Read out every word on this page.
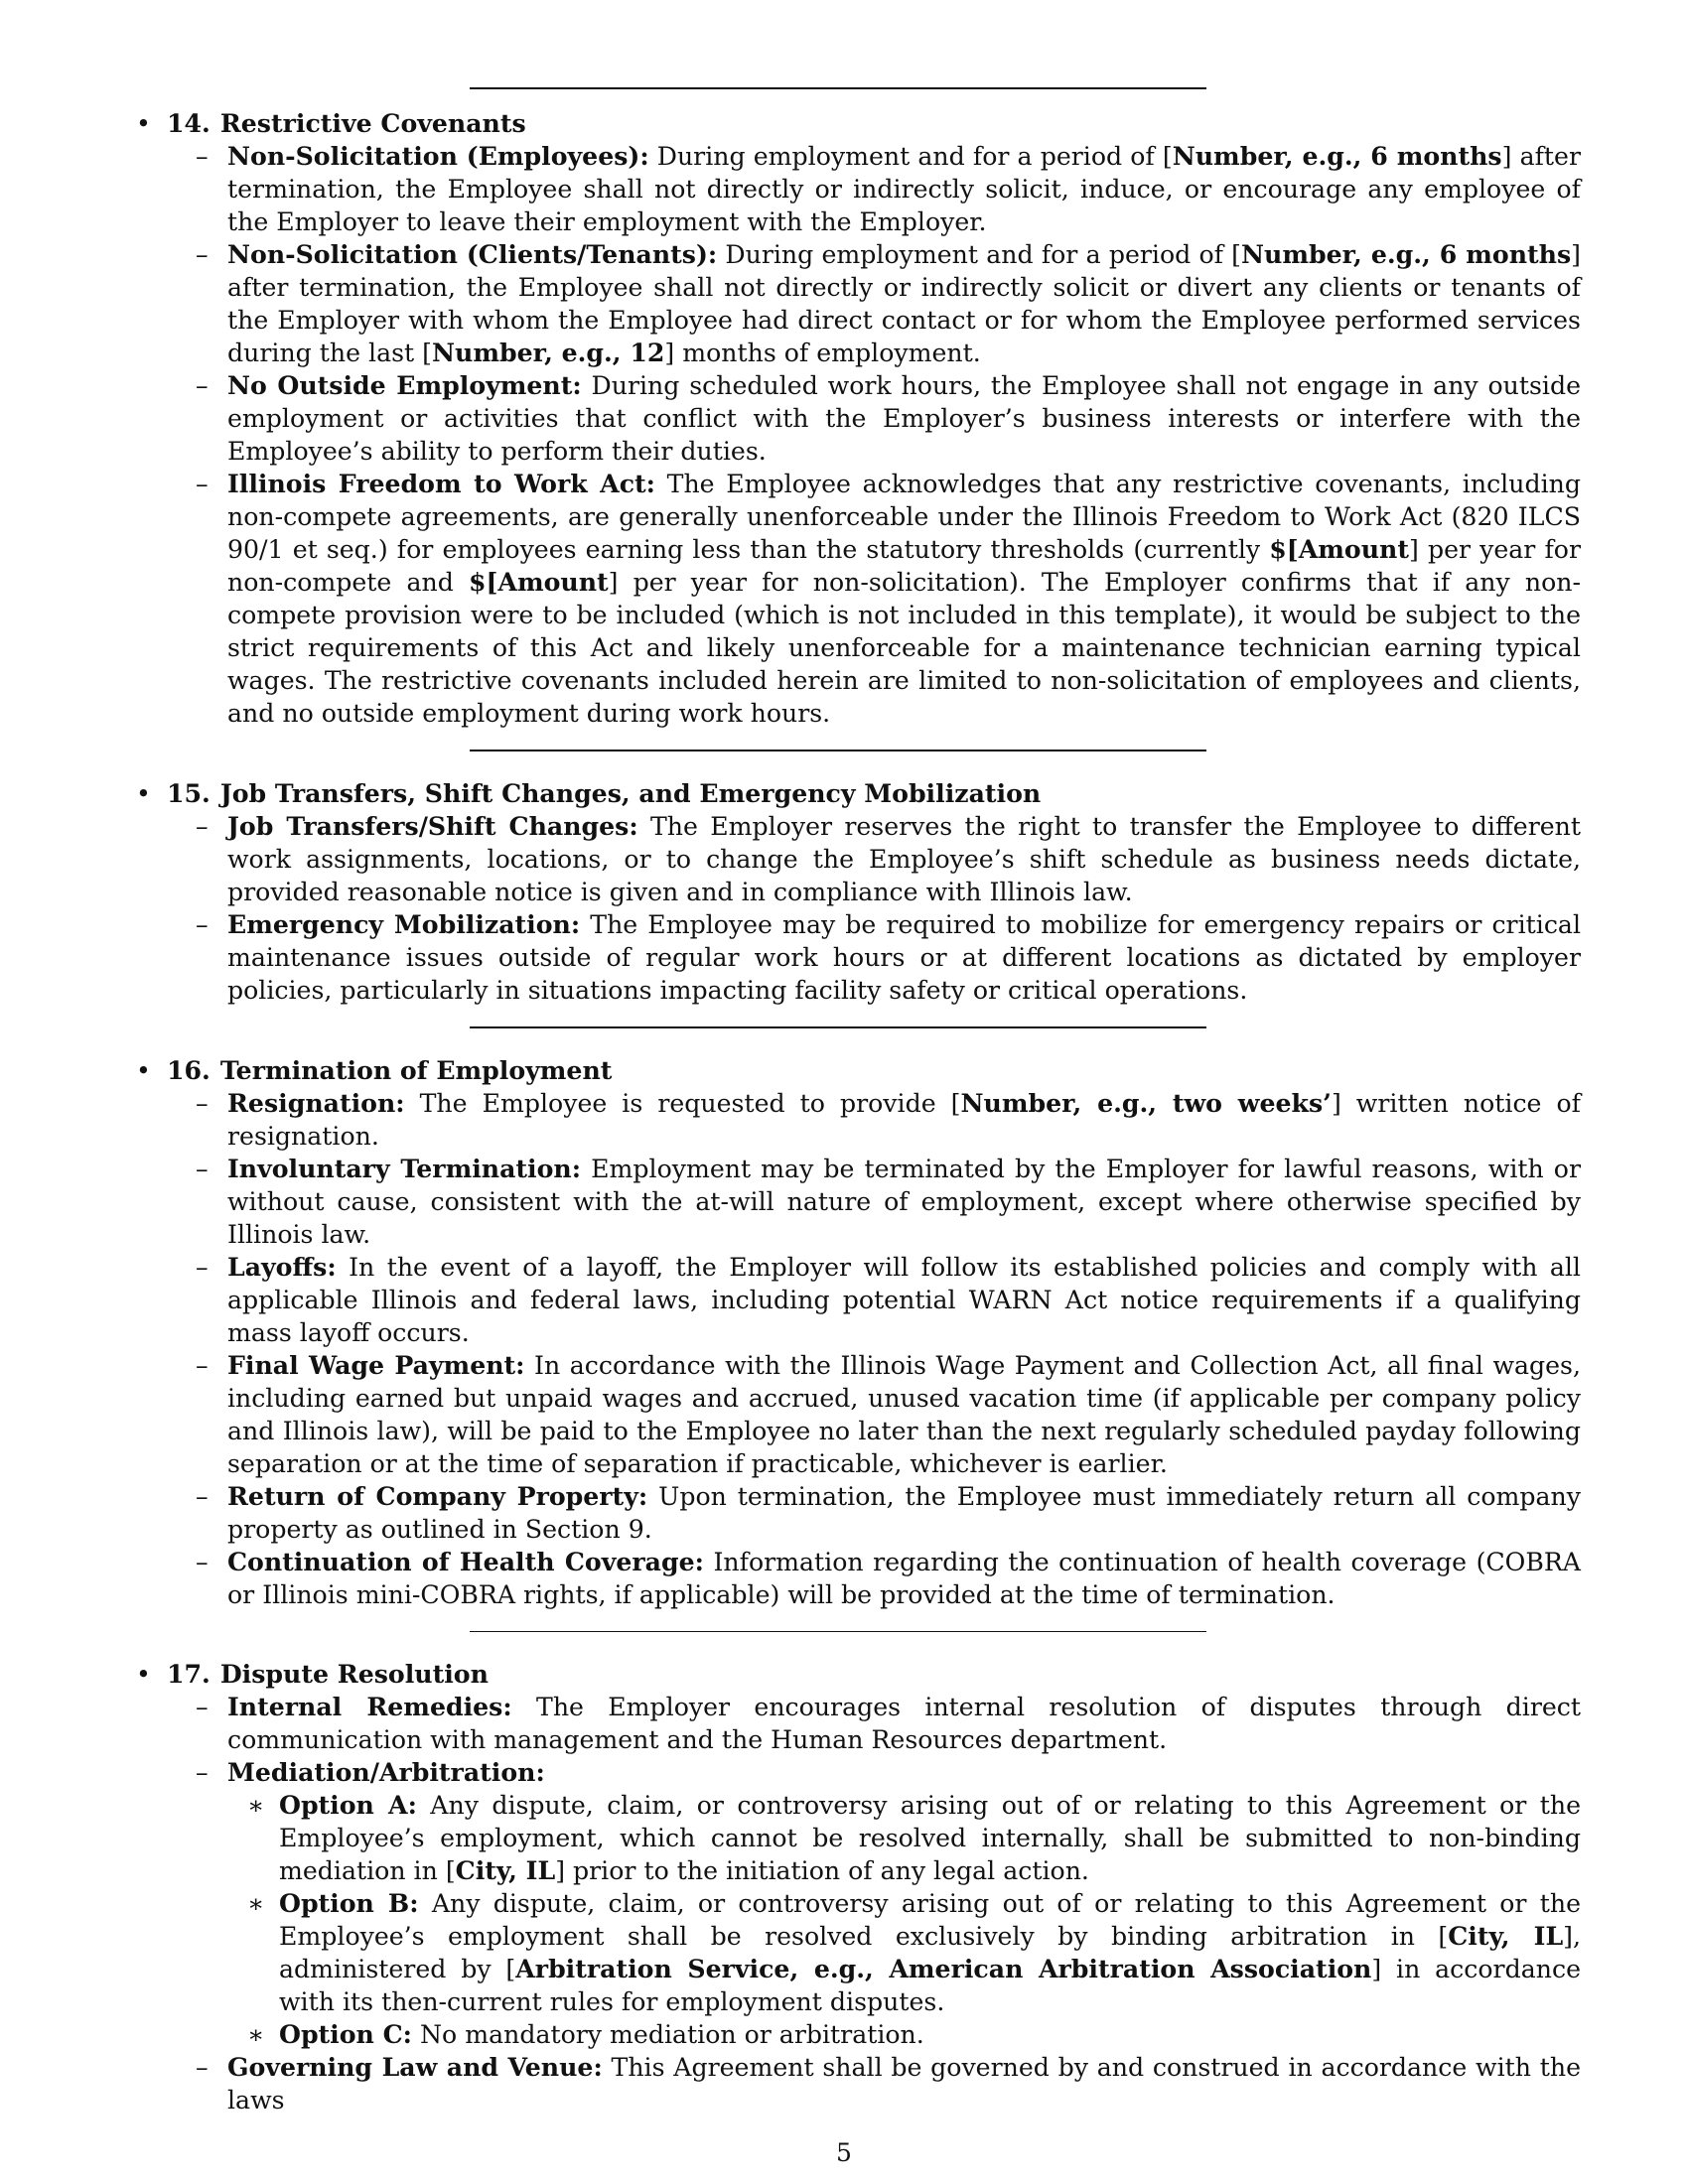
• 14. Restrictive Covenants
– Non-Solicitation (Employees): During employment and for a period of [Number, e.g., 6 months] after termination, the Employee shall not directly or indirectly solicit, induce, or encourage any employee of the Employer to leave their employment with the Employer.
– Non-Solicitation (Clients/Tenants): During employment and for a period of [Number, e.g., 6 months] after termination, the Employee shall not directly or indirectly solicit or divert any clients or tenants of the Employer with whom the Employee had direct contact or for whom the Employee performed services during the last [Number, e.g., 12] months of employment.
– No Outside Employment: During scheduled work hours, the Employee shall not engage in any outside employment or activities that conflict with the Employer’s business interests or interfere with the Employee’s ability to perform their duties.
– Illinois Freedom to Work Act: The Employee acknowledges that any restrictive covenants, including non-compete agreements, are generally unenforceable under the Illinois Freedom to Work Act (820 ILCS 90/1 et seq.) for employees earning less than the statutory thresholds (currently $[Amount] per year for non-compete and $[Amount] per year for non-solicitation). The Employer confirms that if any non-compete provision were to be included (which is not included in this template), it would be subject to the strict requirements of this Act and likely unenforceable for a maintenance technician earning typical wages. The restrictive covenants included herein are limited to non-solicitation of employees and clients, and no outside employment during work hours.
• 15. Job Transfers, Shift Changes, and Emergency Mobilization
– Job Transfers/Shift Changes: The Employer reserves the right to transfer the Employee to different work assignments, locations, or to change the Employee’s shift schedule as business needs dictate, provided reasonable notice is given and in compliance with Illinois law.
– Emergency Mobilization: The Employee may be required to mobilize for emergency repairs or critical maintenance issues outside of regular work hours or at different locations as dictated by employer policies, particularly in situations impacting facility safety or critical operations.
• 16. Termination of Employment
– Resignation: The Employee is requested to provide [Number, e.g., two weeks’] written notice of resignation.
– Involuntary Termination: Employment may be terminated by the Employer for lawful reasons, with or without cause, consistent with the at-will nature of employment, except where otherwise specified by Illinois law.
– Layoffs: In the event of a layoff, the Employer will follow its established policies and comply with all applicable Illinois and federal laws, including potential WARN Act notice requirements if a qualifying mass layoff occurs.
– Final Wage Payment: In accordance with the Illinois Wage Payment and Collection Act, all final wages, including earned but unpaid wages and accrued, unused vacation time (if applicable per company policy and Illinois law), will be paid to the Employee no later than the next regularly scheduled payday following separation or at the time of separation if practicable, whichever is earlier.
– Return of Company Property: Upon termination, the Employee must immediately return all company property as outlined in Section 9.
– Continuation of Health Coverage: Information regarding the continuation of health coverage (COBRA or Illinois mini-COBRA rights, if applicable) will be provided at the time of termination.
• 17. Dispute Resolution
– Internal Remedies: The Employer encourages internal resolution of disputes through direct communication with management and the Human Resources department.
– Mediation/Arbitration:
∗ Option A: Any dispute, claim, or controversy arising out of or relating to this Agreement or the Employee’s employment, which cannot be resolved internally, shall be submitted to non-binding mediation in [City, IL] prior to the initiation of any legal action.
∗ Option B: Any dispute, claim, or controversy arising out of or relating to this Agreement or the Employee’s employment shall be resolved exclusively by binding arbitration in [City, IL], administered by [Arbitration Service, e.g., American Arbitration Association] in accordance with its then-current rules for employment disputes.
∗ Option C: No mandatory mediation or arbitration.
– Governing Law and Venue: This Agreement shall be governed by and construed in accordance with the laws
5
